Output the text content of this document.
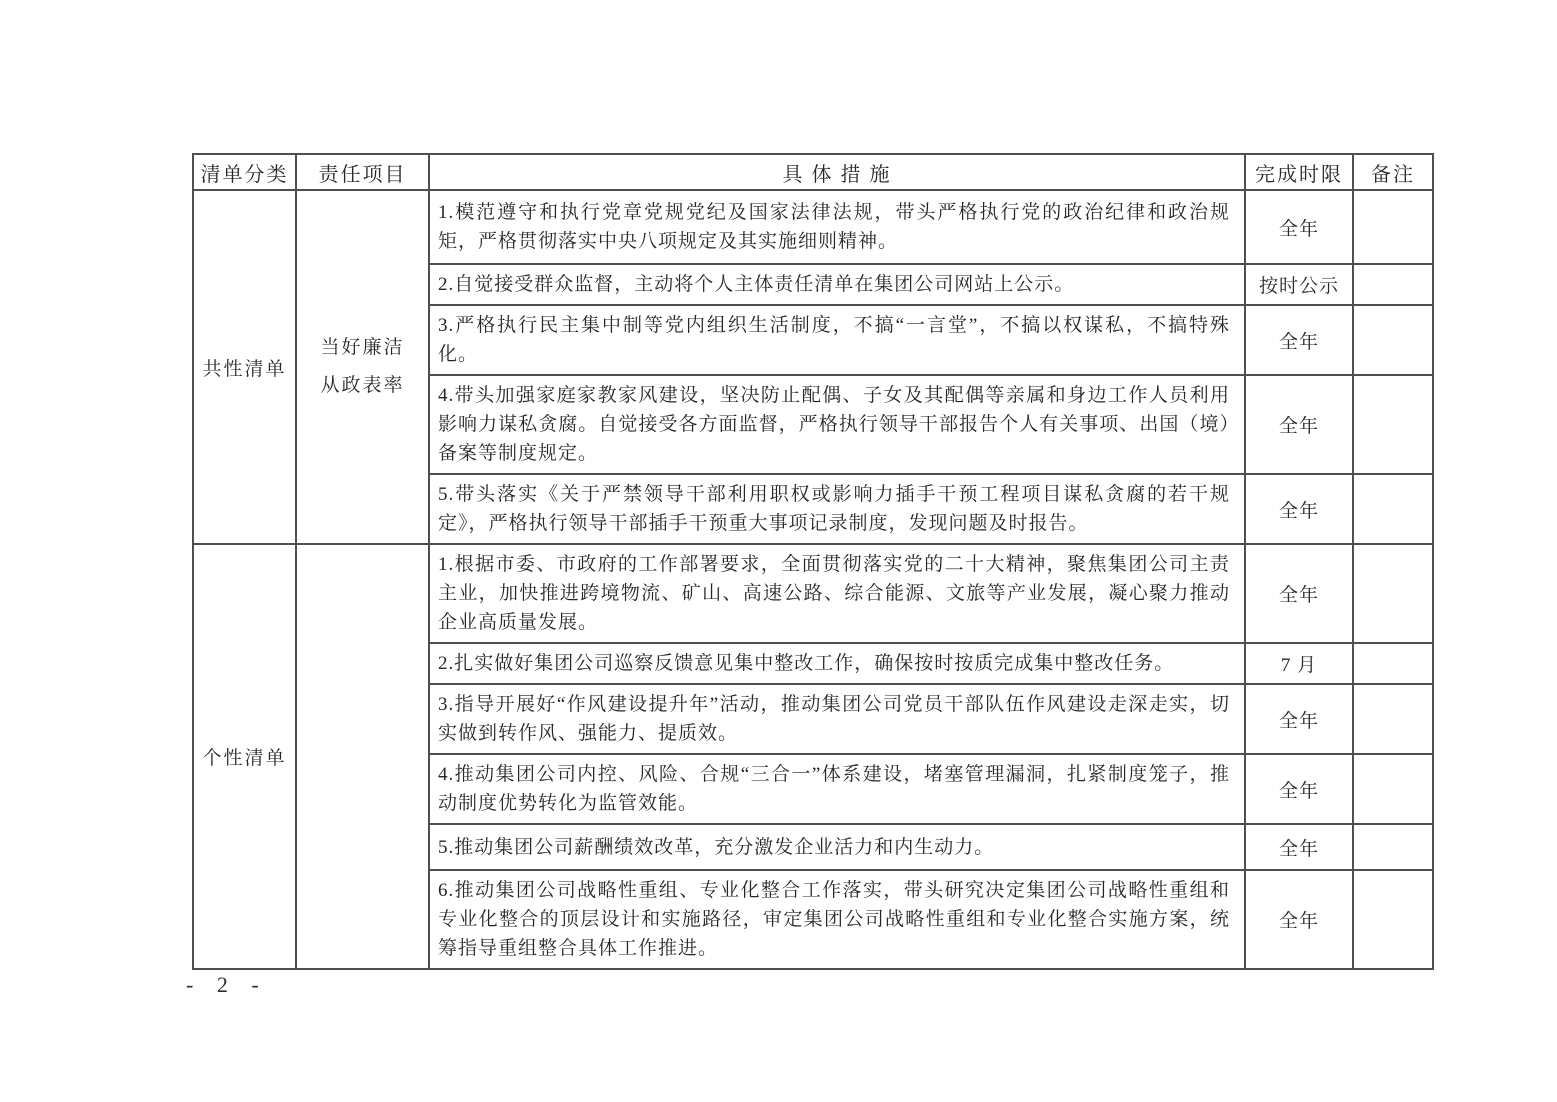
清单分类	责任项目	具 体 措 施	完成时限	备注
共性清单	当好廉洁从政表率	1.模范遵守和执行党章党规党纪及国家法律法规，带头严格执行党的政治纪律和政治规矩，严格贯彻落实中央八项规定及其实施细则精神。	全年	
		2.自觉接受群众监督，主动将个人主体责任清单在集团公司网站上公示。	按时公示	
		3.严格执行民主集中制等党内组织生活制度，不搞“一言堂”，不搞以权谋私，不搞特殊化。	全年	
		4.带头加强家庭家教家风建设，坚决防止配偶、子女及其配偶等亲属和身边工作人员利用影响力谋私贪腐。自觉接受各方面监督，严格执行领导干部报告个人有关事项、出国（境）备案等制度规定。	全年	
		5.带头落实《关于严禁领导干部利用职权或影响力插手干预工程项目谋私贪腐的若干规定》，严格执行领导干部插手干预重大事项记录制度，发现问题及时报告。	全年	
个性清单		1.根据市委、市政府的工作部署要求，全面贯彻落实党的二十大精神，聚焦集团公司主责主业，加快推进跨境物流、矿山、高速公路、综合能源、文旅等产业发展，凝心聚力推动企业高质量发展。	全年	
		2.扎实做好集团公司巡察反馈意见集中整改工作，确保按时按质完成集中整改任务。	7 月	
		3.指导开展好“作风建设提升年”活动，推动集团公司党员干部队伍作风建设走深走实，切实做到转作风、强能力、提质效。	全年	
		4.推动集团公司内控、风险、合规“三合一”体系建设，堵塞管理漏洞，扎紧制度笼子，推动制度优势转化为监管效能。	全年	
		5.推动集团公司薪酬绩效改革，充分激发企业活力和内生动力。	全年	
		6.推动集团公司战略性重组、专业化整合工作落实，带头研究决定集团公司战略性重组和专业化整合的顶层设计和实施路径，审定集团公司战略性重组和专业化整合实施方案，统筹指导重组整合具体工作推进。	全年	
- 2 -
